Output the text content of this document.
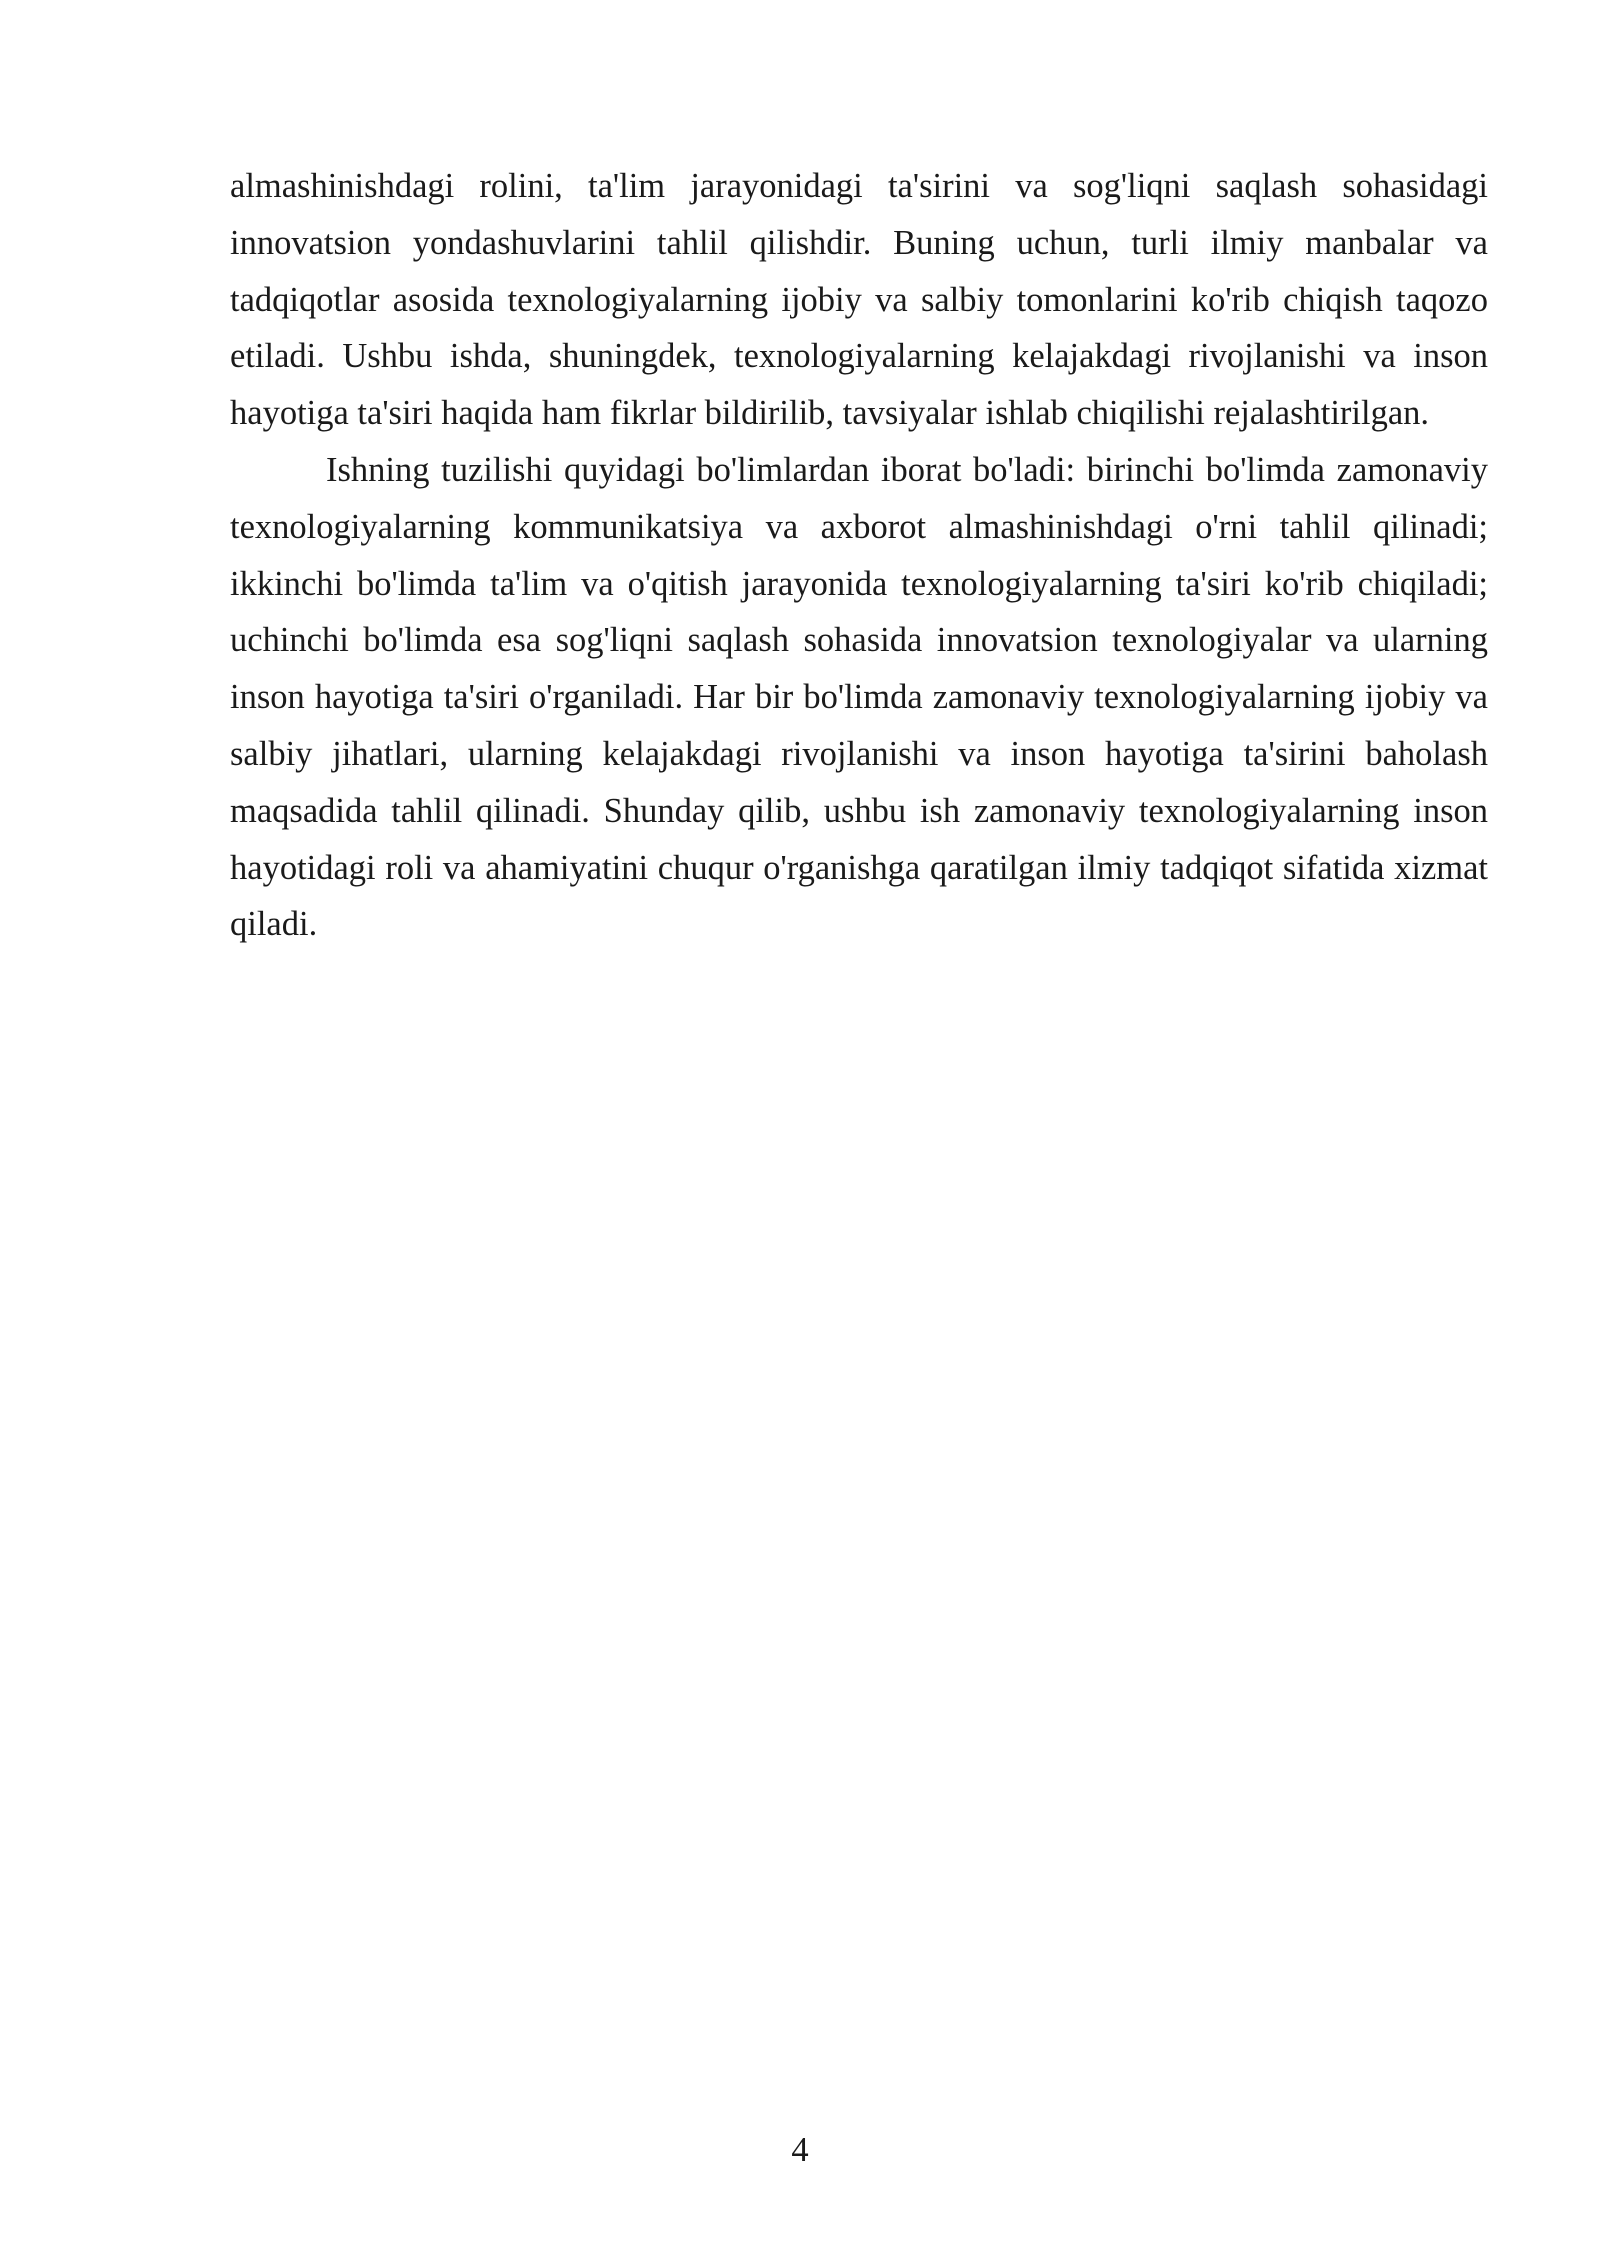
almashinishdagi rolini, ta'lim jarayonidagi ta'sirini va sog'liqni saqlash sohasidagi innovatsion yondashuvlarini tahlil qilishdir. Buning uchun, turli ilmiy manbalar va tadqiqotlar asosida texnologiyalarning ijobiy va salbiy tomonlarini ko'rib chiqish taqozo etiladi. Ushbu ishda, shuningdek, texnologiyalarning kelajakdagi rivojlanishi va inson hayotiga ta'siri haqida ham fikrlar bildirilib, tavsiyalar ishlab chiqilishi rejalashtirilgan.

Ishning tuzilishi quyidagi bo'limlardan iborat bo'ladi: birinchi bo'limda zamonaviy texnologiyalarning kommunikatsiya va axborot almashinishdagi o'rni tahlil qilinadi; ikkinchi bo'limda ta'lim va o'qitish jarayonida texnologiyalarning ta'siri ko'rib chiqiladi; uchinchi bo'limda esa sog'liqni saqlash sohasida innovatsion texnologiyalar va ularning inson hayotiga ta'siri o'rganiladi. Har bir bo'limda zamonaviy texnologiyalarning ijobiy va salbiy jihatlari, ularning kelajakdagi rivojlanishi va inson hayotiga ta'sirini baholash maqsadida tahlil qilinadi. Shunday qilib, ushbu ish zamonaviy texnologiyalarning inson hayotidagi roli va ahamiyatini chuqur o'rganishga qaratilgan ilmiy tadqiqot sifatida xizmat qiladi.

4
